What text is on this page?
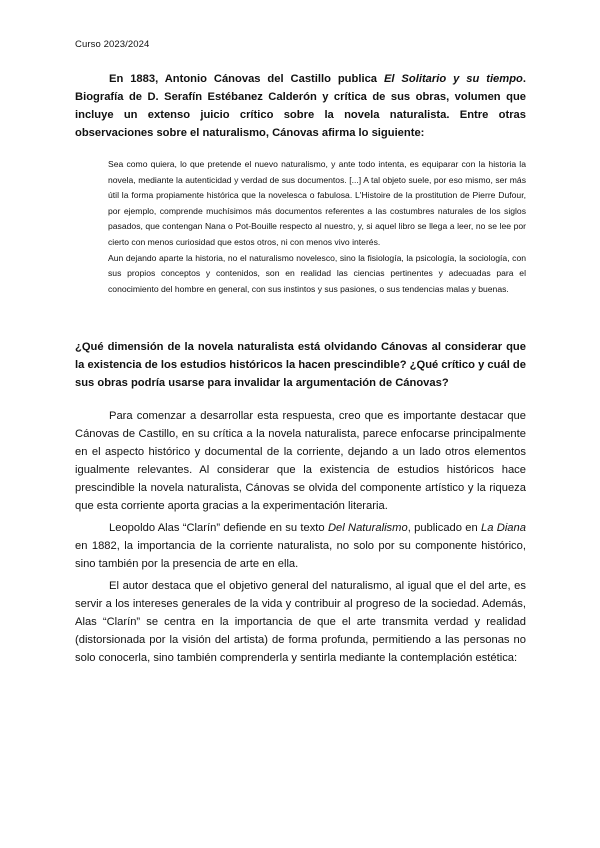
Curso 2023/2024

En 1883, Antonio Cánovas del Castillo publica El Solitario y su tiempo. Biografía de D. Serafín Estébanez Calderón y crítica de sus obras, volumen que incluye un extenso juicio crítico sobre la novela naturalista. Entre otras observaciones sobre el naturalismo, Cánovas afirma lo siguiente:

Sea como quiera, lo que pretende el nuevo naturalismo, y ante todo intenta, es equiparar con la historia la novela, mediante la autenticidad y verdad de sus documentos. [...] A tal objeto suele, por eso mismo, ser más útil la forma propiamente histórica que la novelesca o fabulosa. L'Histoire de la prostitution de Pierre Dufour, por ejemplo, comprende muchísimos más documentos referentes a las costumbres naturales de los siglos pasados, que contengan Nana o Pot-Bouille respecto al nuestro, y, si aquel libro se llega a leer, no se lee por cierto con menos curiosidad que estos otros, ni con menos vivo interés.

Aun dejando aparte la historia, no el naturalismo novelesco, sino la fisiología, la psicología, la sociología, con sus propios conceptos y contenidos, son en realidad las ciencias pertinentes y adecuadas para el conocimiento del hombre en general, con sus instintos y sus pasiones, o sus tendencias malas y buenas.

¿Qué dimensión de la novela naturalista está olvidando Cánovas al considerar que la existencia de los estudios históricos la hacen prescindible? ¿Qué crítico y cuál de sus obras podría usarse para invalidar la argumentación de Cánovas?

Para comenzar a desarrollar esta respuesta, creo que es importante destacar que Cánovas de Castillo, en su crítica a la novela naturalista, parece enfocarse principalmente en el aspecto histórico y documental de la corriente, dejando a un lado otros elementos igualmente relevantes. Al considerar que la existencia de estudios históricos hace prescindible la novela naturalista, Cánovas se olvida del componente artístico y la riqueza que esta corriente aporta gracias a la experimentación literaria.

Leopoldo Alas “Clarín” defiende en su texto Del Naturalismo, publicado en La Diana en 1882, la importancia de la corriente naturalista, no solo por su componente histórico, sino también por la presencia de arte en ella.

El autor destaca que el objetivo general del naturalismo, al igual que el del arte, es servir a los intereses generales de la vida y contribuir al progreso de la sociedad. Además, Alas “Clarín” se centra en la importancia de que el arte transmita verdad y realidad (distorsionada por la visión del artista) de forma profunda, permitiendo a las personas no solo conocerla, sino también comprenderla y sentirla mediante la contemplación estética:
